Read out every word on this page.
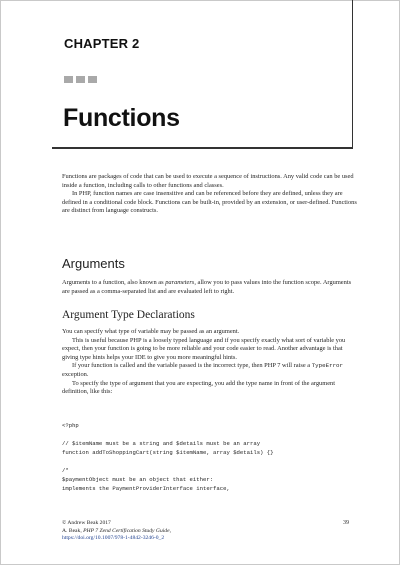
CHAPTER 2
Functions

Functions are packages of code that can be used to execute a sequence of instructions. Any valid code can be used inside a function, including calls to other functions and classes.

In PHP, function names are case insensitive and can be referenced before they are defined, unless they are defined in a conditional code block. Functions can be built-in, provided by an extension, or user-defined. Functions are distinct from language constructs.

Arguments

Arguments to a function, also known as parameters, allow you to pass values into the function scope. Arguments are passed as a comma-separated list and are evaluated left to right.

Argument Type Declarations

You can specify what type of variable may be passed as an argument.

This is useful because PHP is a loosely typed language and if you specify exactly what sort of variable you expect, then your function is going to be more reliable and your code easier to read. Another advantage is that giving type hints helps your IDE to give you more meaningful hints.

If your function is called and the variable passed is the incorrect type, then PHP 7 will raise a TypeError exception.

To specify the type of argument that you are expecting, you add the type name in front of the argument definition, like this:

<?php
// $itemName must be a string and $details must be an array
function addToShoppingCart(string $itemName, array $details) {}
/*
$paymentObject must be an object that either:
implements the PaymentProviderInterface interface,
© Andrew Beak 2017
A. Beak, PHP 7 Zend Certification Study Guide,
https://doi.org/10.1007/978-1-4842-3246-0_2
39
